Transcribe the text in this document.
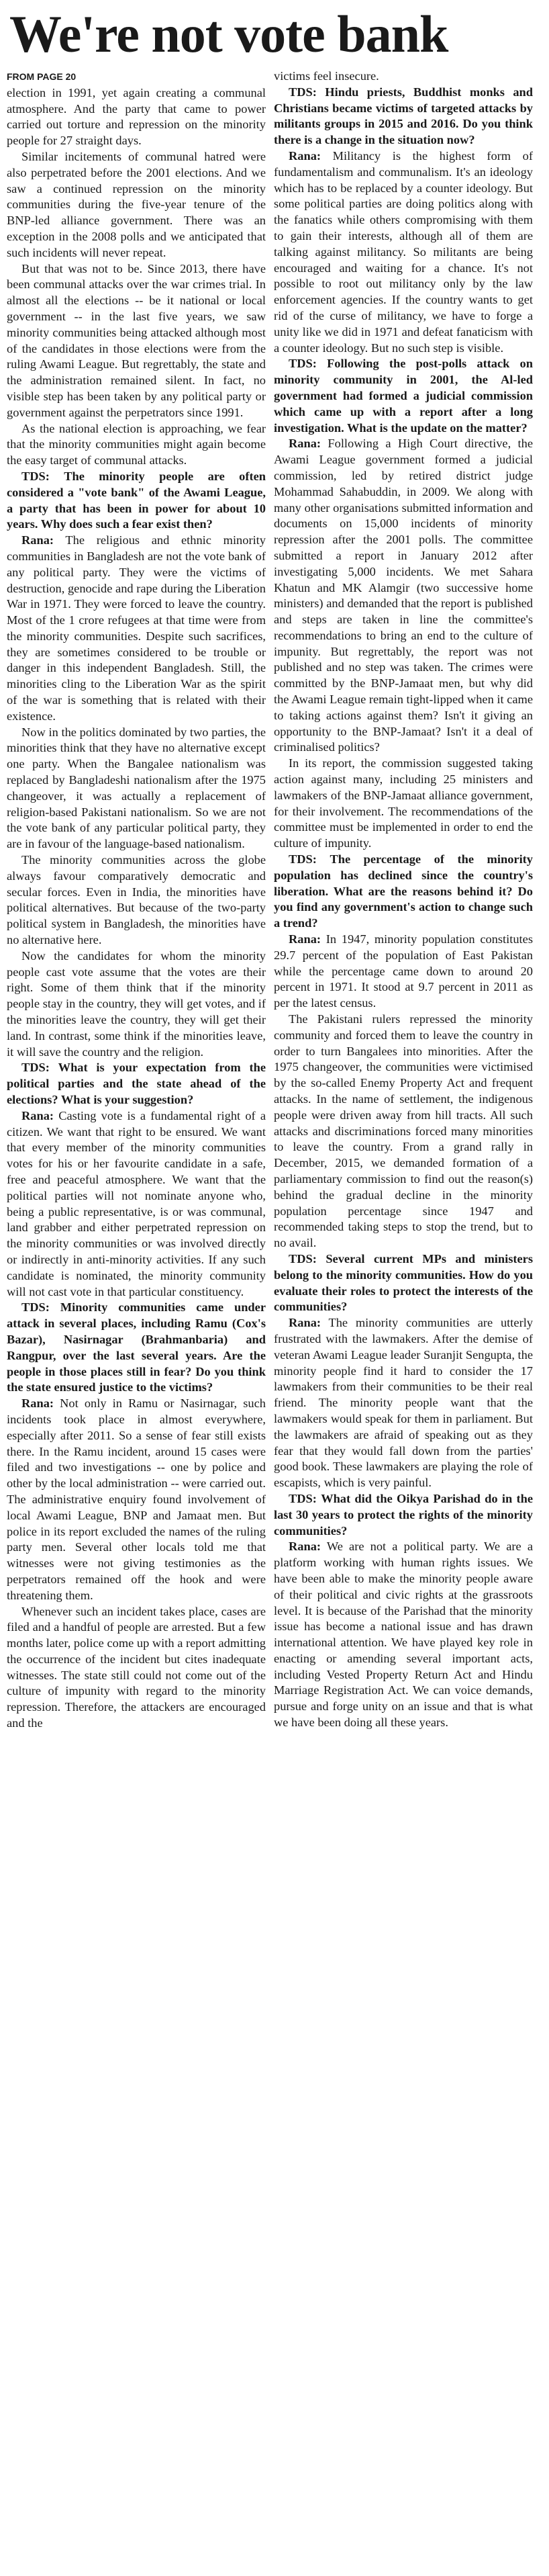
We're not vote bank

FROM PAGE 20

election in 1991, yet again creating a communal atmosphere. And the party that came to power carried out torture and repression on the minority people for 27 straight days.

Similar incitements of communal hatred were also perpetrated before the 2001 elections. And we saw a continued repression on the minority communities during the five-year tenure of the BNP-led alliance government. There was an exception in the 2008 polls and we anticipated that such incidents will never repeat.

But that was not to be. Since 2013, there have been communal attacks over the war crimes trial. In almost all the elections -- be it national or local government -- in the last five years, we saw minority communities being attacked although most of the candidates in those elections were from the ruling Awami League. But regrettably, the state and the administration remained silent. In fact, no visible step has been taken by any political party or government against the perpetrators since 1991.

As the national election is approaching, we fear that the minority communities might again become the easy target of communal attacks.

TDS: The minority people are often considered a "vote bank" of the Awami League, a party that has been in power for about 10 years. Why does such a fear exist then?

Rana: The religious and ethnic minority communities in Bangladesh are not the vote bank of any political party. They were the victims of destruction, genocide and rape during the Liberation War in 1971. They were forced to leave the country. Most of the 1 crore refugees at that time were from the minority communities. Despite such sacrifices, they are sometimes considered to be trouble or danger in this independent Bangladesh. Still, the minorities cling to the Liberation War as the spirit of the war is something that is related with their existence.

Now in the politics dominated by two parties, the minorities think that they have no alternative except one party. When the Bangalee nationalism was replaced by Bangladeshi nationalism after the 1975 changeover, it was actually a replacement of religion-based Pakistani nationalism. So we are not the vote bank of any particular political party, they are in favour of the language-based nationalism.

The minority communities across the globe always favour comparatively democratic and secular forces. Even in India, the minorities have political alternatives. But because of the two-party political system in Bangladesh, the minorities have no alternative here.

Now the candidates for whom the minority people cast vote assume that the votes are their right. Some of them think that if the minority people stay in the country, they will get votes, and if the minorities leave the country, they will get their land. In contrast, some think if the minorities leave, it will save the country and the religion.

TDS: What is your expectation from the political parties and the state ahead of the elections? What is your suggestion?

Rana: Casting vote is a fundamental right of a citizen. We want that right to be ensured. We want that every member of the minority communities votes for his or her favourite candidate in a safe, free and peaceful atmosphere. We want that the political parties will not nominate anyone who, being a public representative, is or was communal, land grabber and either perpetrated repression on the minority communities or was involved directly or indirectly in anti-minority activities. If any such candidate is nominated, the minority community will not cast vote in that particular constituency.

TDS: Minority communities came under attack in several places, including Ramu (Cox's Bazar), Nasirnagar (Brahmanbaria) and Rangpur, over the last several years. Are the people in those places still in fear? Do you think the state ensured justice to the victims?

Rana: Not only in Ramu or Nasirnagar, such incidents took place in almost everywhere, especially after 2011. So a sense of fear still exists there. In the Ramu incident, around 15 cases were filed and two investigations -- one by police and other by the local administration -- were carried out. The administrative enquiry found involvement of local Awami League, BNP and Jamaat men. But police in its report excluded the names of the ruling party men. Several other locals told me that witnesses were not giving testimonies as the perpetrators remained off the hook and were threatening them.

Whenever such an incident takes place, cases are filed and a handful of people are arrested. But a few months later, police come up with a report admitting the occurrence of the incident but cites inadequate witnesses. The state still could not come out of the culture of impunity with regard to the minority repression. Therefore, the attackers are encouraged and the

victims feel insecure.

TDS: Hindu priests, Buddhist monks and Christians became victims of targeted attacks by militants groups in 2015 and 2016. Do you think there is a change in the situation now?

Rana: Militancy is the highest form of fundamentalism and communalism. It's an ideology which has to be replaced by a counter ideology. But some political parties are doing politics along with the fanatics while others compromising with them to gain their interests, although all of them are talking against militancy. So militants are being encouraged and waiting for a chance. It's not possible to root out militancy only by the law enforcement agencies. If the country wants to get rid of the curse of militancy, we have to forge a unity like we did in 1971 and defeat fanaticism with a counter ideology. But no such step is visible.

TDS: Following the post-polls attack on minority community in 2001, the Al-led government had formed a judicial commission which came up with a report after a long investigation. What is the update on the matter?

Rana: Following a High Court directive, the Awami League government formed a judicial commission, led by retired district judge Mohammad Sahabuddin, in 2009. We along with many other organisations submitted information and documents on 15,000 incidents of minority repression after the 2001 polls. The committee submitted a report in January 2012 after investigating 5,000 incidents. We met Sahara Khatun and MK Alamgir (two successive home ministers) and demanded that the report is published and steps are taken in line the committee's recommendations to bring an end to the culture of impunity. But regrettably, the report was not published and no step was taken. The crimes were committed by the BNP-Jamaat men, but why did the Awami League remain tight-lipped when it came to taking actions against them? Isn't it giving an opportunity to the BNP-Jamaat? Isn't it a deal of criminalised politics?

In its report, the commission suggested taking action against many, including 25 ministers and lawmakers of the BNP-Jamaat alliance government, for their involvement. The recommendations of the committee must be implemented in order to end the culture of impunity.

TDS: The percentage of the minority population has declined since the country's liberation. What are the reasons behind it? Do you find any government's action to change such a trend?

Rana: In 1947, minority population constitutes 29.7 percent of the population of East Pakistan while the percentage came down to around 20 percent in 1971. It stood at 9.7 percent in 2011 as per the latest census.

The Pakistani rulers repressed the minority community and forced them to leave the country in order to turn Bangalees into minorities. After the 1975 changeover, the communities were victimised by the so-called Enemy Property Act and frequent attacks. In the name of settlement, the indigenous people were driven away from hill tracts. All such attacks and discriminations forced many minorities to leave the country. From a grand rally in December, 2015, we demanded formation of a parliamentary commission to find out the reason(s) behind the gradual decline in the minority population percentage since 1947 and recommended taking steps to stop the trend, but to no avail.

TDS: Several current MPs and ministers belong to the minority communities. How do you evaluate their roles to protect the interests of the communities?

Rana: The minority communities are utterly frustrated with the lawmakers. After the demise of veteran Awami League leader Suranjit Sengupta, the minority people find it hard to consider the 17 lawmakers from their communities to be their real friend. The minority people want that the lawmakers would speak for them in parliament. But the lawmakers are afraid of speaking out as they fear that they would fall down from the parties' good book. These lawmakers are playing the role of escapists, which is very painful.

TDS: What did the Oikya Parishad do in the last 30 years to protect the rights of the minority communities?

Rana: We are not a political party. We are a platform working with human rights issues. We have been able to make the minority people aware of their political and civic rights at the grassroots level. It is because of the Parishad that the minority issue has become a national issue and has drawn international attention. We have played key role in enacting or amending several important acts, including Vested Property Return Act and Hindu Marriage Registration Act. We can voice demands, pursue and forge unity on an issue and that is what we have been doing all these years.
